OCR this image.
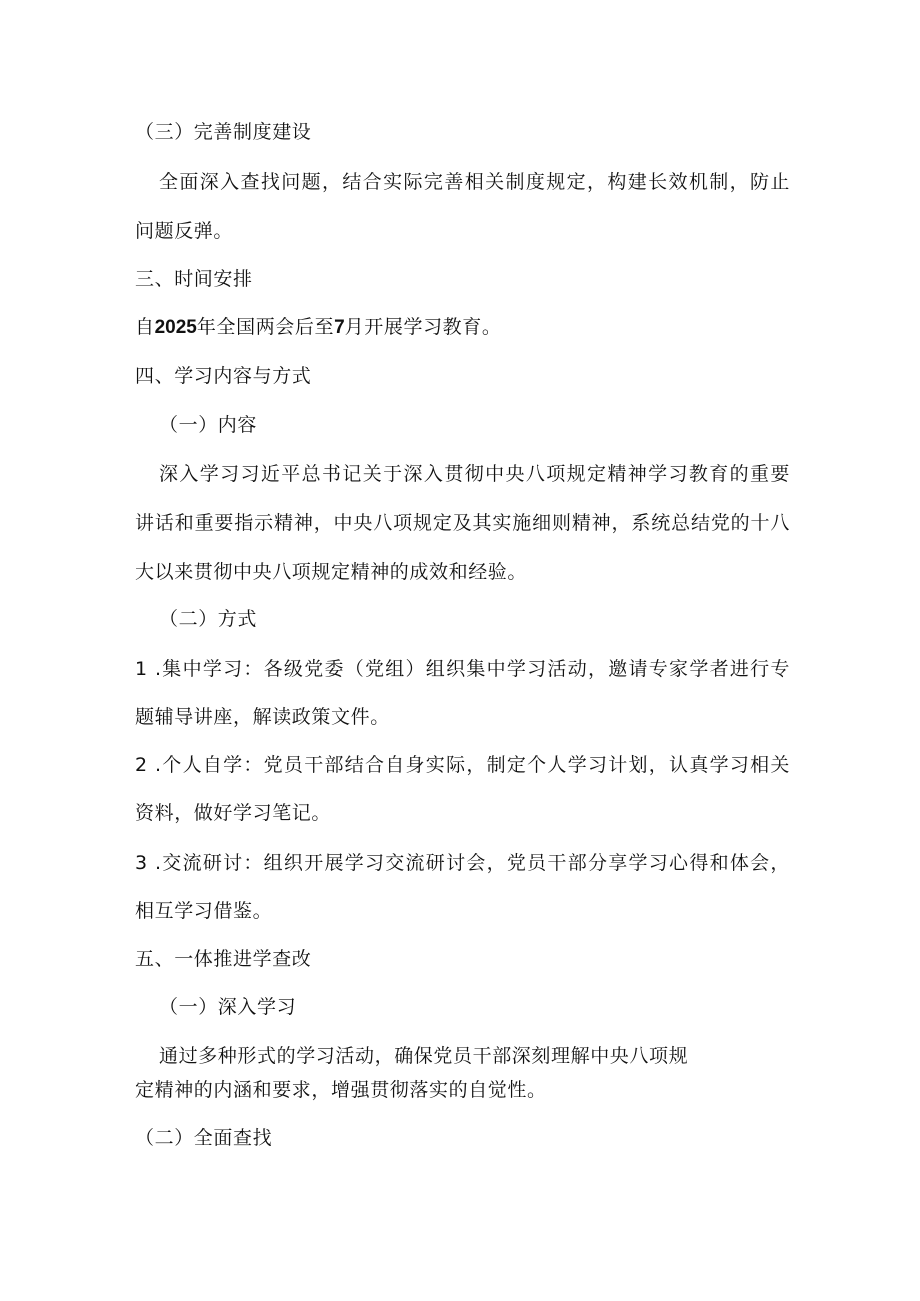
（三）完善制度建设
全面深入查找问题，结合实际完善相关制度规定，构建长效机制，防止
问题反弹。
三、时间安排
自2025年全国两会后至7月开展学习教育。
四、学习内容与方式
（一）内容
深入学习习近平总书记关于深入贯彻中央八项规定精神学习教育的重要
讲话和重要指示精神，中央八项规定及其实施细则精神，系统总结党的十八
大以来贯彻中央八项规定精神的成效和经验。
（二）方式
1 .集中学习：各级党委（党组）组织集中学习活动，邀请专家学者进行专
题辅导讲座，解读政策文件。
2 .个人自学：党员干部结合自身实际，制定个人学习计划，认真学习相关
资料，做好学习笔记。
3 .交流研讨：组织开展学习交流研讨会，党员干部分享学习心得和体会，
相互学习借鉴。
五、一体推进学查改
（一）深入学习
通过多种形式的学习活动，确保党员干部深刻理解中央八项规
定精神的内涵和要求，增强贯彻落实的自觉性。
（二）全面查找
